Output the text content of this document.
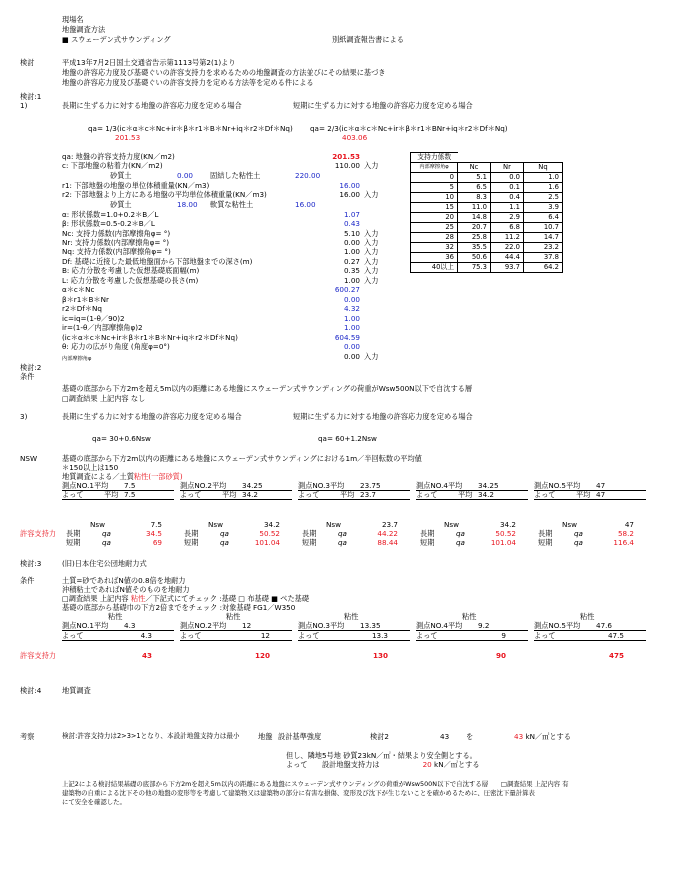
現場名
地盤調査方法
■ スウェーデン式サウンディング	別紙調査報告書による
検討	平成13年7月2日国土交通省告示第1113号第2(1)より
地盤の許容応力度及び基礎ぐいの許容支持力を求めるための地盤調査の方法並びにその結果に基づき
地盤の許容応力度及び基礎ぐいの許容支持力を定める方法等を定める件による
検討:1
1)	長期に生ずる力に対する地盤の許容応力度を定める場合	短期に生ずる力に対する地盤の許容応力度を定める場合
qa= 1/3(ic＊α＊c＊Nc+ir＊β＊r1＊B＊Nr+iq＊r2＊Df＊Nq) qa= 2/3(ic＊α＊c＊Nc+ir＊β＊r1＊BNr+iq＊r2＊Df＊Nq)
201.53	403.06
qa: 地盤の許容支持力度(KN／m2)	201.53
c: 下部地盤の粘着力(KN／m2)	110.00 入力
r1: 下部地盤の地盤の単位体積重量(KN／m3)	16.00
r2: 下部地盤より上方にある地盤の平均単位体積重量(KN／m3)	16.00 入力
α: 形状係数=1.0+0.2＊B／L	1.07
β: 形状係数=0.5-0.2＊B／L	0.43
Nc: 支持力係数(内部摩擦角φ= °)	5.10 入力
Nr: 支持力係数(内部摩擦角φ= °)	0.00 入力
Nq: 支持力係数(内部摩擦角φ= °)	1.00 入力
Df: 基礎に近接した最低地盤面から下部地盤までの深さ(m)	0.27 入力
B: 応力分散を考慮した仮想基礎底面幅(m)	0.35 入力
L: 応力分散を考慮した仮想基礎の長さ(m)	1.00 入力
α＊c＊Nc	600.27
β＊r1＊B＊Nr	0.00
r2＊Df＊Nq	4.32
ic=iq=(1-θ／90)2	1.00
ir=(1-θ／内部摩擦角φ)2	1.00
(ic＊α＊c＊Nc+ir＊β＊r1＊B＊Nr+iq＊r2＊Df＊Nq)	604.59
θ: 応力の広がり角度 (角度φ=0°)	0.00
0.00 入力
砂質土	0.00 固結した粘性土	220.00
砂質土	18.00 軟質な粘性土	16.00
内部摩擦角φ
支持力係数			
内部摩擦角φ	Nc	Nr	Nq
0	5.1	0.0	1.0
5	6.5	0.1	1.6
10	8.3	0.4	2.5
15	11.0	1.1	3.9
20	14.8	2.9	6.4
25	20.7	6.8	10.7
28	25.8	11.2	14.7
32	35.5	22.0	23.2
36	50.6	44.4	37.8
40以上	75.3	93.7	64.2
検討:2
条件
基礎の底部から下方2mを超え5m以内の距離にある地盤にスウェーデン式サウンディングの荷重がWsw500N以下で自沈する層
□調査結果 上記内容 なし
3)	長期に生ずる力に対する地盤の許容応力度を定める場合	短期に生ずる力に対する地盤の許容応力度を定める場合
qa= 30+0.6Nsw	qa= 60+1.2Nsw
NSW	基礎の底部から下方2m以内の距離にある地盤にスウェーデン式サウンディングにおける1m／半回転数の平均値
＊150以上は150
地質調査による／土質粘性(一部砂質)
測点NO.1平均 7.5
よって	平均 7.5
測点NO.2平均 34.25
よって	平均 34.2
測点NO.3平均 23.75
よって	平均 23.7
測点NO.4平均 34.25
よって	平均 34.2
測点NO.5平均 47
よって	平均 47
許容支持力
Nsw	7.5
長期	qa	34.5
短期	qa	69
Nsw	34.2
長期	qa	50.52
短期	qa	101.04
Nsw	23.7
長期	qa	44.22
短期	qa	88.44
Nsw	34.2
長期	qa	50.52
短期	qa	101.04
Nsw	47
長期	qa	58.2
短期	qa	116.4
検討:3	(旧)日本住宅公団地耐力式
条件	土質=砂であればN値の0.8倍を地耐力
沖積粘土であればN値そのものを地耐力
□調査結果 上記内容 粘性／下記式にてチェック :基礎 □ 布基礎 ■ べた基礎
基礎の底部から基礎巾の下方2倍までをチェック :対象基礎 FG1／W350
粘性
測点NO.1平均 4.3
よって	4.3
43
粘性
測点NO.2平均 12
よって	12
120
粘性
測点NO.3平均 13.35
よって	13.3
130
粘性
測点NO.4平均 9.2
よって	9
90
粘性
測点NO.5平均 47.6
よって	47.5
475
許容支持力
検討:4	地質調査
考察	検討:許容支持力は2>3>1となり、本設計地盤支持力は最小	地盤 設計基準強度	検討2	43 を	43 kN／㎡とする
但し、隣地5号地 砂質23kN／㎡・結果より安全側とする。
よって　　設計地盤支持力は	20 kN／㎡とする
上記2による検討結果基礎の底部から下方2mを超え5m以内の距離にある地盤にスウェーデン式サウンディングの荷重がWsw500N以下で自沈する層　　□調査結果 上記内容 有
建築物の自重による沈下その他の地盤の変形等を考慮して建築物又は建築物の部分に有害な損傷、変形及び沈下が生じないことを確かめるために、圧密沈下量計算表
にて安全を確認した。
